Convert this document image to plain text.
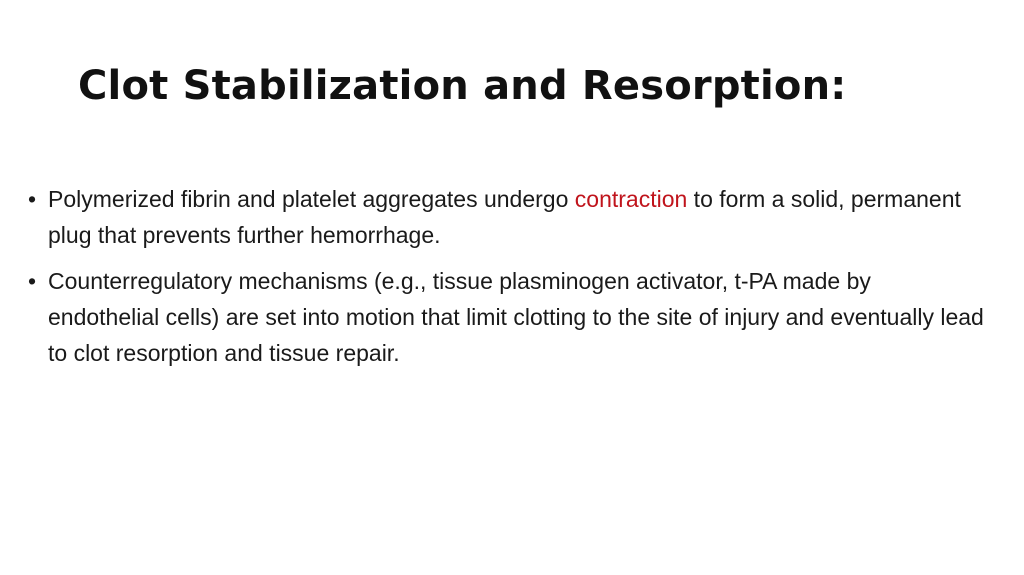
Clot Stabilization and Resorption:
• Polymerized fibrin and platelet aggregates undergo contraction to form a solid, permanent plug that prevents further hemorrhage.
• Counterregulatory mechanisms (e.g., tissue plasminogen activator, t-PA made by endothelial cells) are set into motion that limit clotting to the site of injury and eventually lead to clot resorption and tissue repair.
